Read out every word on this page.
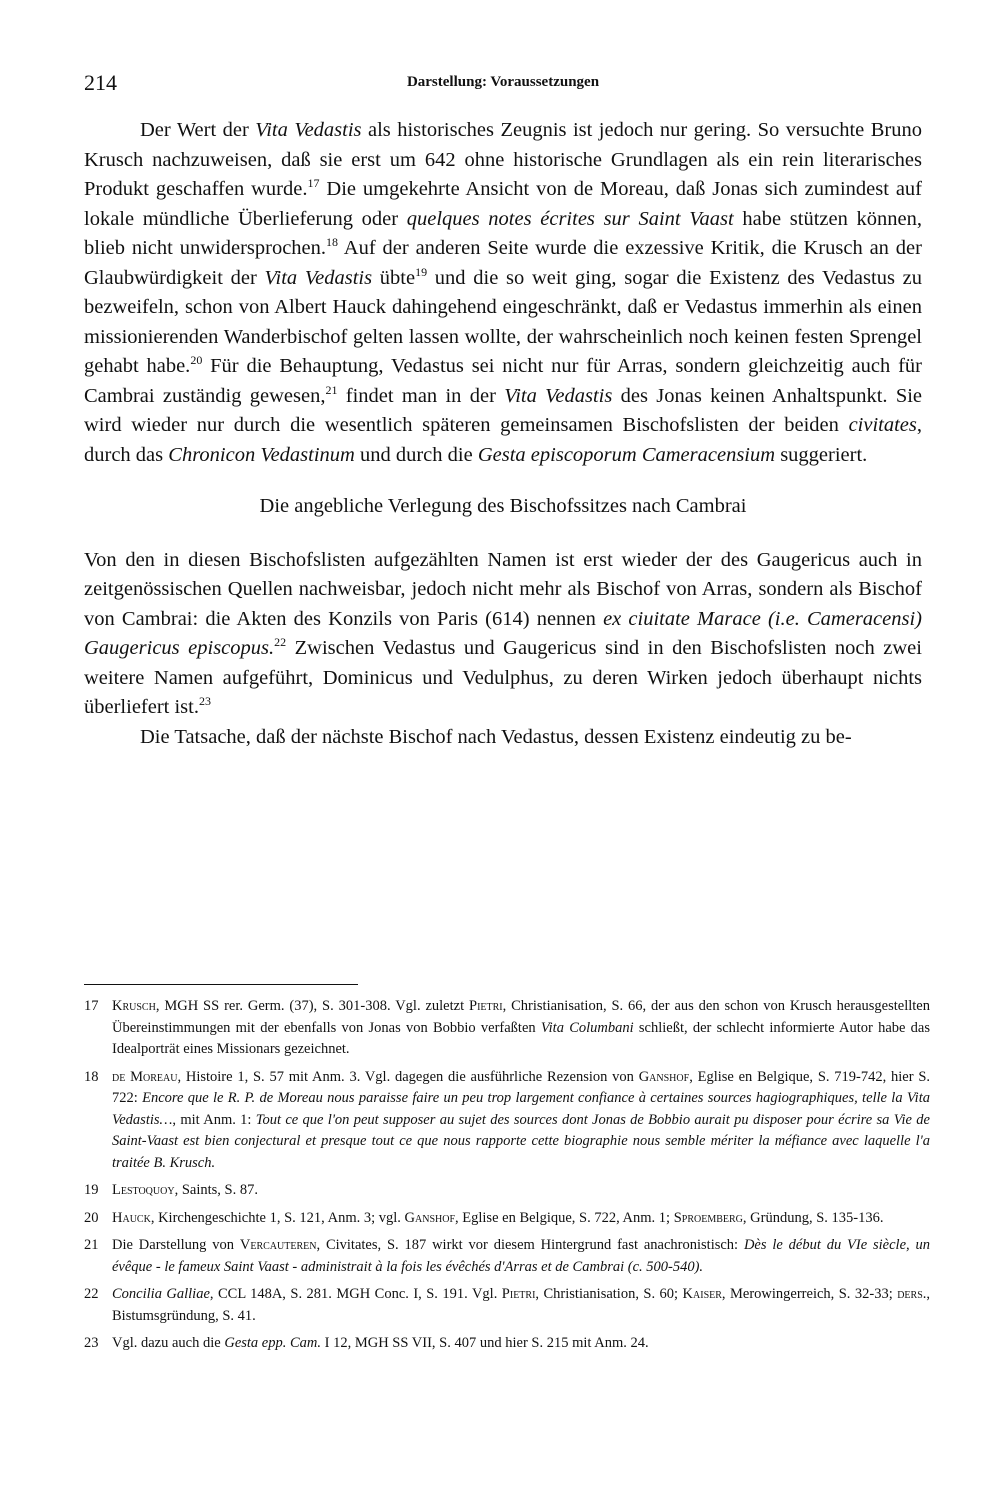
214	Darstellung: Voraussetzungen

Der Wert der Vita Vedastis als historisches Zeugnis ist jedoch nur gering. So versuchte Bruno Krusch nachzuweisen, daß sie erst um 642 ohne historische Grundlagen als ein rein literarisches Produkt geschaffen wurde.$^{17}$ Die umgekehrte Ansicht von de Moreau, daß Jonas sich zumindest auf lokale mündliche Überlieferung oder quelques notes écrites sur Saint Vaast habe stützen können, blieb nicht unwidersprochen.$^{18}$ Auf der anderen Seite wurde die exzessive Kritik, die Krusch an der Glaubwürdigkeit der Vita Vedastis übte$^{19}$ und die so weit ging, sogar die Existenz des Vedastus zu bezweifeln, schon von Albert Hauck dahingehend eingeschränkt, daß er Vedastus immerhin als einen missionierenden Wanderbischof gelten lassen wollte, der wahrscheinlich noch keinen festen Sprengel gehabt habe.$^{20}$ Für die Behauptung, Vedastus sei nicht nur für Arras, sondern gleichzeitig auch für Cambrai zuständig gewesen,$^{21}$ findet man in der Vita Vedastis des Jonas keinen Anhaltspunkt. Sie wird wieder nur durch die wesentlich späteren gemeinsamen Bischofslisten der beiden civitates, durch das Chronicon Vedastinum und durch die Gesta episcoporum Cameracensium suggeriert.

Die angebliche Verlegung des Bischofssitzes nach Cambrai

Von den in diesen Bischofslisten aufgezählten Namen ist erst wieder der des Gaugericus auch in zeitgenössischen Quellen nachweisbar, jedoch nicht mehr als Bischof von Arras, sondern als Bischof von Cambrai: die Akten des Konzils von Paris (614) nennen ex ciuitate Marace (i.e. Cameracensi) Gaugericus episcopus.$^{22}$ Zwischen Vedastus und Gaugericus sind in den Bischofslisten noch zwei weitere Namen aufgeführt, Dominicus und Vedulphus, zu deren Wirken jedoch überhaupt nichts überliefert ist.$^{23}$

Die Tatsache, daß der nächste Bischof nach Vedastus, dessen Existenz eindeutig zu be-

17 Krusch, MGH SS rer. Germ. (37), S. 301-308. Vgl. zuletzt Pietri, Christianisation, S. 66, der aus den schon von Krusch herausgestellten Übereinstimmungen mit der ebenfalls von Jonas von Bobbio verfaßten Vita Columbani schließt, der schlecht informierte Autor habe das Idealporträt eines Missionars gezeichnet.
18 de Moreau, Histoire 1, S. 57 mit Anm. 3. Vgl. dagegen die ausführliche Rezension von Ganshof, Eglise en Belgique, S. 719-742, hier S. 722: Encore que le R. P. de Moreau nous paraisse faire un peu trop largement confiance à certaines sources hagiographiques, telle la Vita Vedastis…, mit Anm. 1: Tout ce que l'on peut supposer au sujet des sources dont Jonas de Bobbio aurait pu disposer pour écrire sa Vie de Saint-Vaast est bien conjectural et presque tout ce que nous rapporte cette biographie nous semble mériter la méfiance avec laquelle l'a traitée B. Krusch.
19 Lestoquoy, Saints, S. 87.
20 Hauck, Kirchengeschichte 1, S. 121, Anm. 3; vgl. Ganshof, Eglise en Belgique, S. 722, Anm. 1; Sproemberg, Gründung, S. 135-136.
21 Die Darstellung von Vercauteren, Civitates, S. 187 wirkt vor diesem Hintergrund fast anachronistisch: Dès le début du VIe siècle, un évêque - le fameux Saint Vaast - administrait à la fois les évêchés d'Arras et de Cambrai (c. 500-540).
22 Concilia Galliae, CCL 148A, S. 281. MGH Conc. I, S. 191. Vgl. Pietri, Christianisation, S. 60; Kaiser, Merowingerreich, S. 32-33; ders., Bistumsgründung, S. 41.
23 Vgl. dazu auch die Gesta epp. Cam. I 12, MGH SS VII, S. 407 und hier S. 215 mit Anm. 24.
